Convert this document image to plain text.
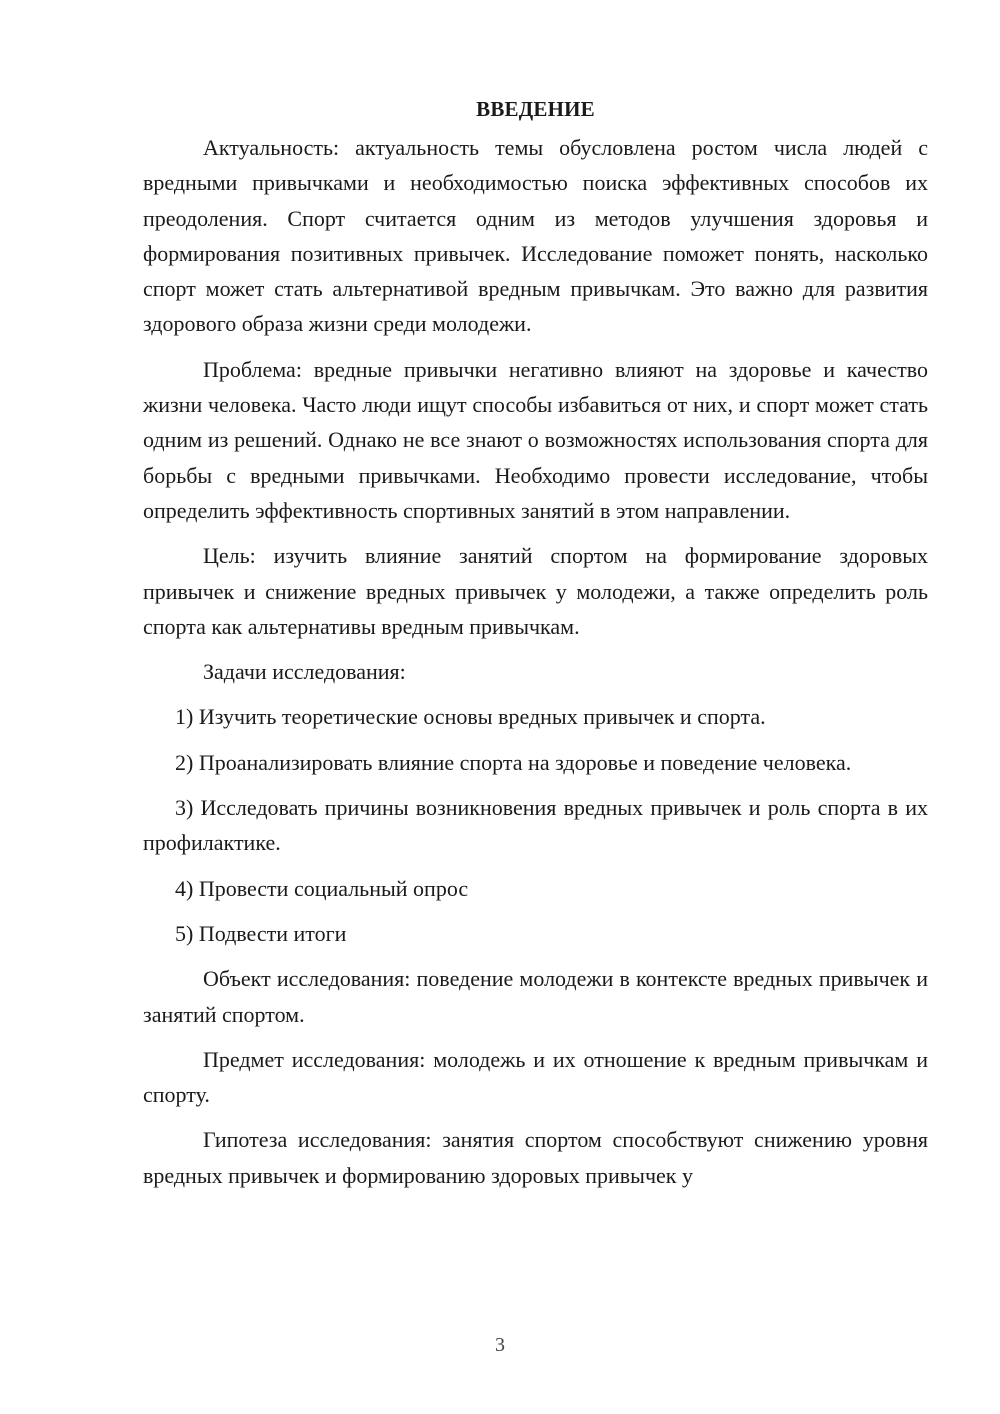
ВВЕДЕНИЕ

Актуальность: актуальность темы обусловлена ростом числа людей с вредными привычками и необходимостью поиска эффективных способов их преодоления. Спорт считается одним из методов улучшения здоровья и формирования позитивных привычек. Исследование поможет понять, насколько спорт может стать альтернативой вредным привычкам. Это важно для развития здорового образа жизни среди молодежи.

Проблема: вредные привычки негативно влияют на здоровье и качество жизни человека. Часто люди ищут способы избавиться от них, и спорт может стать одним из решений. Однако не все знают о возможностях использования спорта для борьбы с вредными привычками. Необходимо провести исследование, чтобы определить эффективность спортивных занятий в этом направлении.

Цель: изучить влияние занятий спортом на формирование здоровых привычек и снижение вредных привычек у молодежи, а также определить роль спорта как альтернативы вредным привычкам.

Задачи исследования:

1) Изучить теоретические основы вредных привычек и спорта.

2) Проанализировать влияние спорта на здоровье и поведение человека.

3) Исследовать причины возникновения вредных привычек и роль спорта в их профилактике.

4) Провести социальный опрос

5) Подвести итоги

Объект исследования: поведение молодежи в контексте вредных привычек и занятий спортом.

Предмет исследования: молодежь и их отношение к вредным привычкам и спорту.

Гипотеза исследования: занятия спортом способствуют снижению уровня вредных привычек и формированию здоровых привычек у

3
